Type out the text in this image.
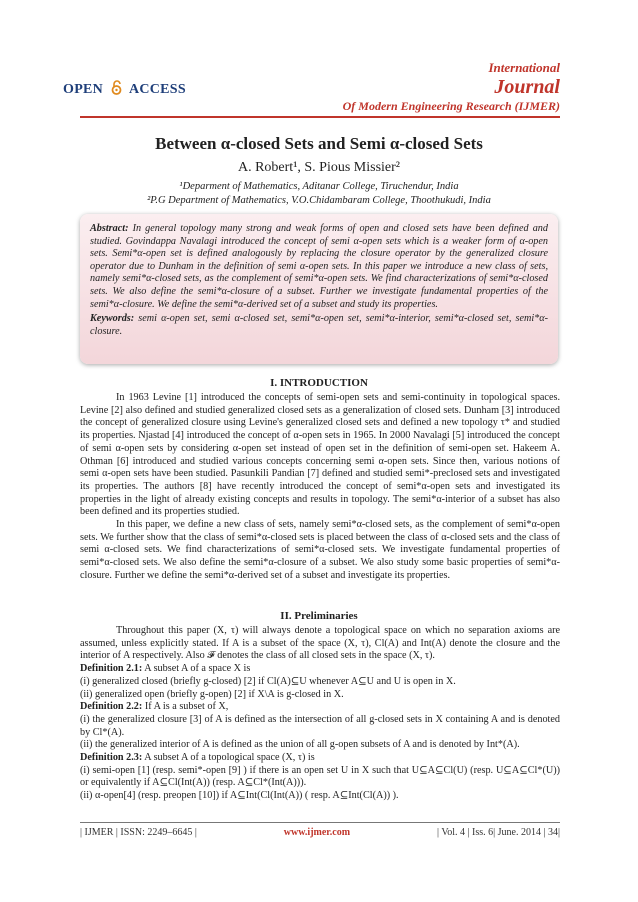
OPEN ACCESS
International
Journal
Of Modern Engineering Research (IJMER)
Between α-closed Sets and Semi α-closed Sets
A. Robert¹, S. Pious Missier²
¹Deparment of Mathematics, Aditanar College, Tiruchendur, India
²P.G Department of Mathematics, V.O.Chidambaram College, Thoothukudi, India
Abstract: In general topology many strong and weak forms of open and closed sets have been defined and studied. Govindappa Navalagi introduced the concept of semi α-open sets which is a weaker form of α-open sets. Semi*α-open set is defined analogously by replacing the closure operator by the generalized closure operator due to Dunham in the definition of semi α-open sets. In this paper we introduce a new class of sets, namely semi*α-closed sets, as the complement of semi*α-open sets. We find characterizations of semi*α-closed sets. We also define the semi*α-closure of a subset. Further we investigate fundamental properties of the semi*α-closure. We define the semi*α-derived set of a subset and study its properties.
Keywords: semi α-open set, semi α-closed set, semi*α-open set, semi*α-interior, semi*α-closed set, semi*α-closure.
I. INTRODUCTION

In 1963 Levine [1] introduced the concepts of semi-open sets and semi-continuity in topological spaces. Levine [2] also defined and studied generalized closed sets as a generalization of closed sets. Dunham [3] introduced the concept of generalized closure using Levine's generalized closed sets and defined a new topology τ* and studied its properties. Njastad [4] introduced the concept of α-open sets in 1965. In 2000 Navalagi [5] introduced the concept of semi α-open sets by considering α-open set instead of open set in the definition of semi-open set. Hakeem A. Othman [6] introduced and studied various concepts concerning semi α-open sets. Since then, various notions of semi α-open sets have been studied. Pasunkili Pandian [7] defined and studied semi*-preclosed sets and investigated its properties. The authors [8] have recently introduced the concept of semi*α-open sets and investigated its properties in the light of already existing concepts and results in topology. The semi*α-interior of a subset has also been defined and its properties studied.

In this paper, we define a new class of sets, namely semi*α-closed sets, as the complement of semi*α-open sets. We further show that the class of semi*α-closed sets is placed between the class of α-closed sets and the class of semi α-closed sets. We find characterizations of semi*α-closed sets. We investigate fundamental properties of semi*α-closed sets. We also define the semi*α-closure of a subset. We also study some basic properties of semi*α-closure. Further we define the semi*α-derived set of a subset and investigate its properties.

II. Preliminaries

Throughout this paper (X, τ) will always denote a topological space on which no separation axioms are assumed, unless explicitly stated. If A is a subset of the space (X, τ), Cl(A) and Int(A) denote the closure and the interior of A respectively. Also 𝓕 denotes the class of all closed sets in the space (X, τ).

Definition 2.1: A subset A of a space X is

(i) generalized closed (briefly g-closed) [2] if Cl(A)⊆U whenever A⊆U and U is open in X.

(ii) generalized open (briefly g-open) [2] if X\A is g-closed in X.

Definition 2.2: If A is a subset of X,

(i) the generalized closure [3] of A is defined as the intersection of all g-closed sets in X containing A and is denoted by Cl*(A).

(ii) the generalized interior of A is defined as the union of all g-open subsets of A and is denoted by Int*(A).

Definition 2.3: A subset A of a topological space (X, τ) is

(i) semi-open [1] (resp. semi*-open [9] ) if there is an open set U in X such that U⊆A⊆Cl(U) (resp. U⊆A⊆Cl*(U)) or equivalently if A⊆Cl(Int(A)) (resp. A⊆Cl*(Int(A))).

(ii) α-open[4] (resp. preopen [10]) if A⊆Int(Cl(Int(A)) ( resp. A⊆Int(Cl(A)) ).

| IJMER | ISSN: 2249–6645 |	www.ijmer.com	| Vol. 4 | Iss. 6| June. 2014 | 34|
